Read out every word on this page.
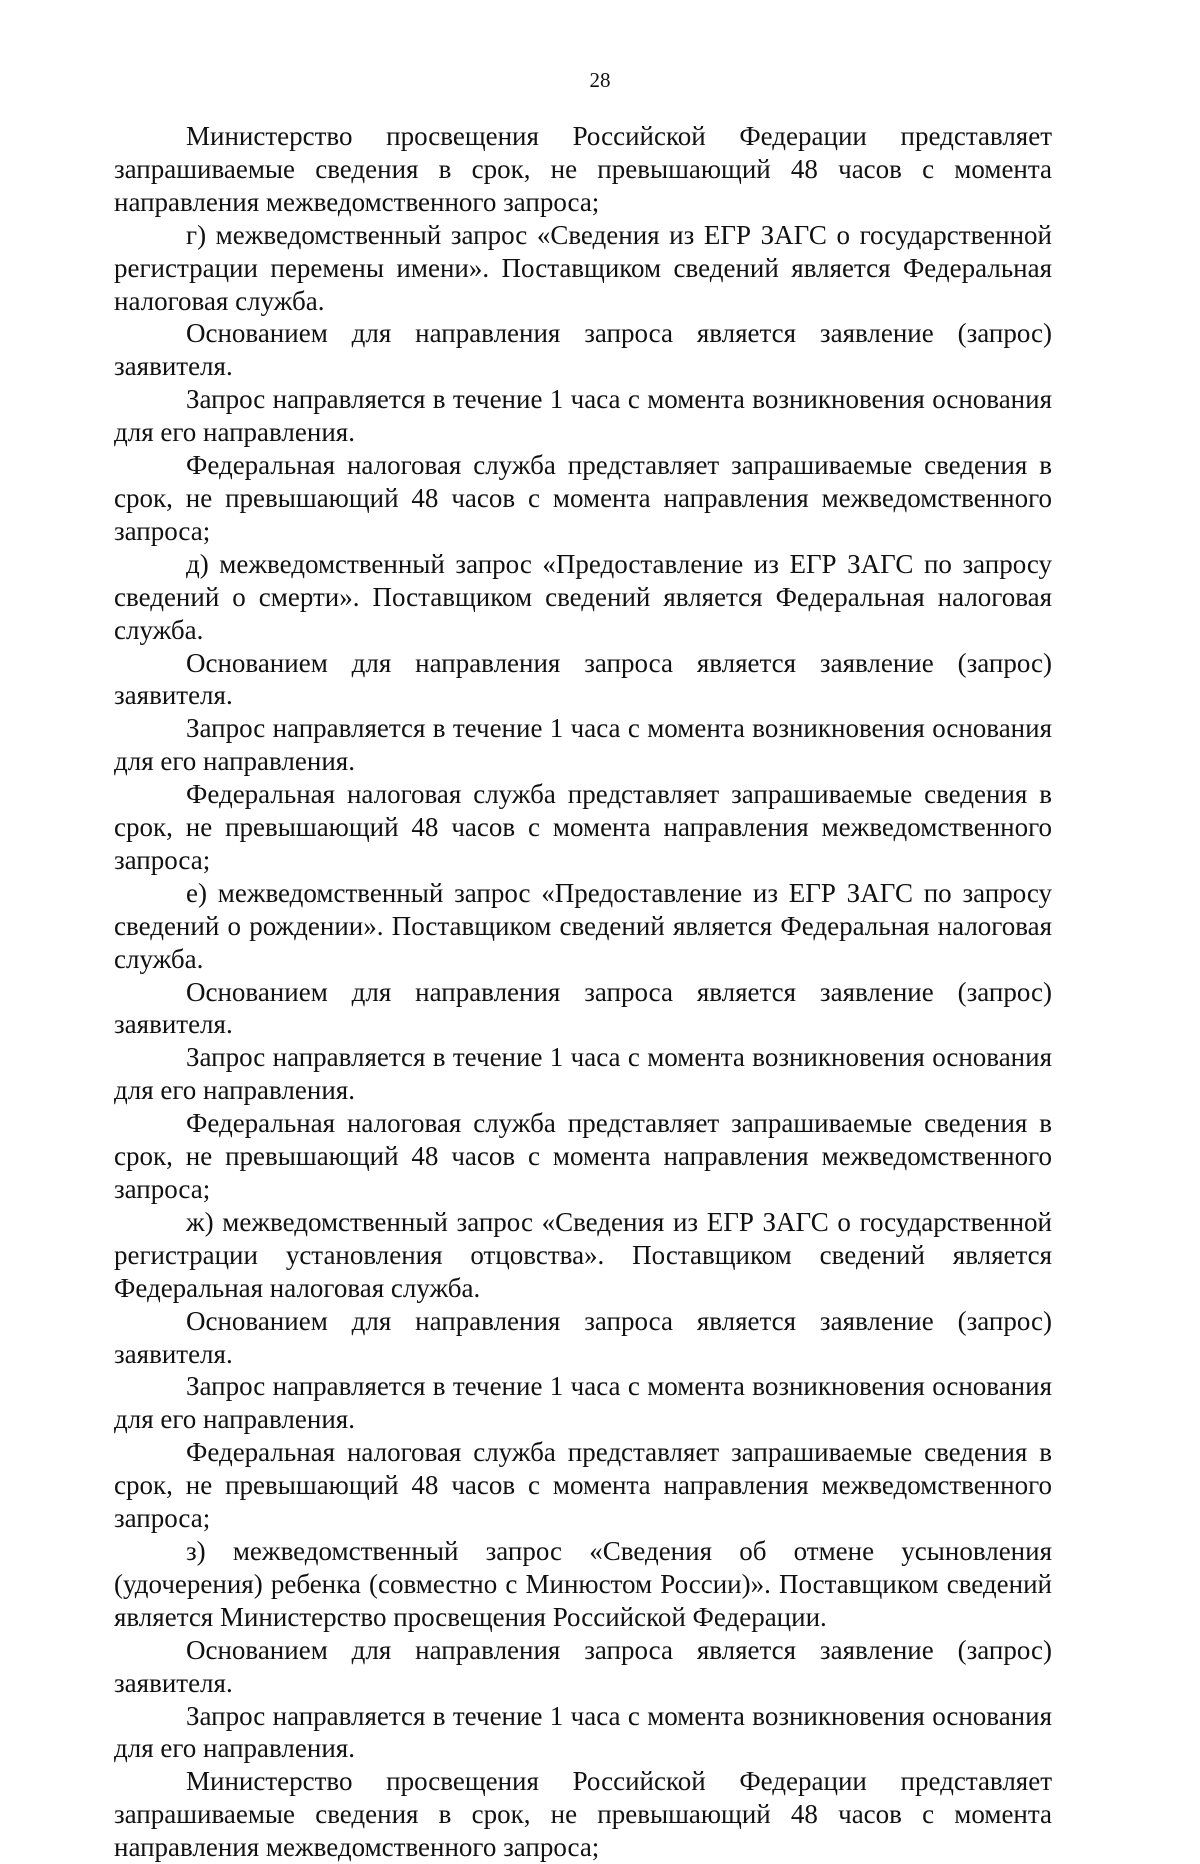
28

Министерство просвещения Российской Федерации представляет запрашиваемые сведения в срок, не превышающий 48 часов с момента направления межведомственного запроса;

г) межведомственный запрос «Сведения из ЕГР ЗАГС о государственной регистрации перемены имени». Поставщиком сведений является Федеральная налоговая служба.

Основанием для направления запроса является заявление (запрос) заявителя.

Запрос направляется в течение 1 часа с момента возникновения основания для его направления.

Федеральная налоговая служба представляет запрашиваемые сведения в срок, не превышающий 48 часов с момента направления межведомственного запроса;

д) межведомственный запрос «Предоставление из ЕГР ЗАГС по запросу сведений о смерти». Поставщиком сведений является Федеральная налоговая служба.

Основанием для направления запроса является заявление (запрос) заявителя.

Запрос направляется в течение 1 часа с момента возникновения основания для его направления.

Федеральная налоговая служба представляет запрашиваемые сведения в срок, не превышающий 48 часов с момента направления межведомственного запроса;

е) межведомственный запрос «Предоставление из ЕГР ЗАГС по запросу сведений о рождении». Поставщиком сведений является Федеральная налоговая служба.

Основанием для направления запроса является заявление (запрос) заявителя.

Запрос направляется в течение 1 часа с момента возникновения основания для его направления.

Федеральная налоговая служба представляет запрашиваемые сведения в срок, не превышающий 48 часов с момента направления межведомственного запроса;

ж) межведомственный запрос «Сведения из ЕГР ЗАГС о государственной регистрации установления отцовства». Поставщиком сведений является Федеральная налоговая служба.

Основанием для направления запроса является заявление (запрос) заявителя.

Запрос направляется в течение 1 часа с момента возникновения основания для его направления.

Федеральная налоговая служба представляет запрашиваемые сведения в срок, не превышающий 48 часов с момента направления межведомственного запроса;

з) межведомственный запрос «Сведения об отмене усыновления (удочерения) ребенка (совместно с Минюстом России)». Поставщиком сведений является Министерство просвещения Российской Федерации.

Основанием для направления запроса является заявление (запрос) заявителя.

Запрос направляется в течение 1 часа с момента возникновения основания для его направления.

Министерство просвещения Российской Федерации представляет запрашиваемые сведения в срок, не превышающий 48 часов с момента направления межведомственного запроса;
